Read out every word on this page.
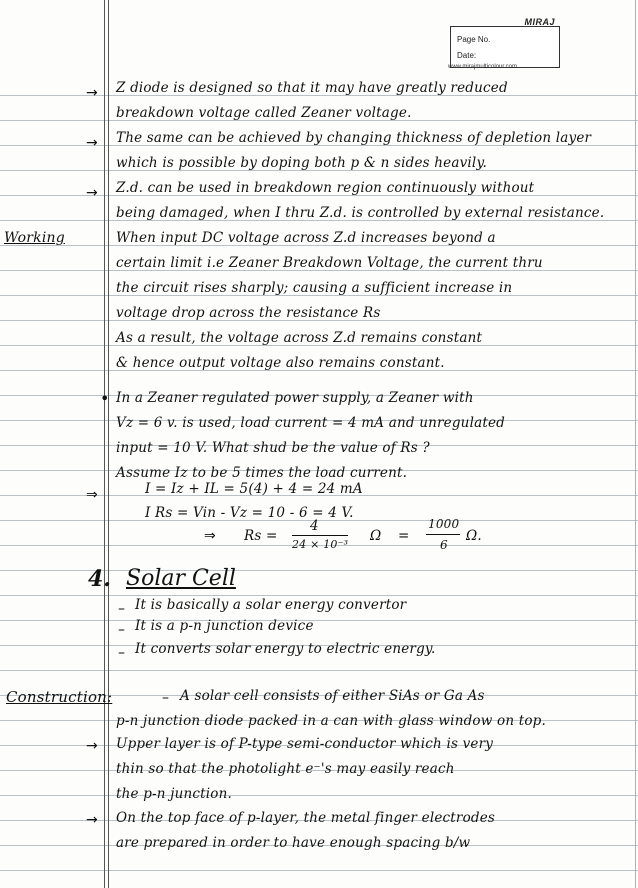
MIRAJ
Page No.
Date:
www.mirajmulticolour.com
→ Z diode is designed so that it may have greatly reduced
breakdown voltage called Zeaner voltage.
→ The same can be achieved by changing thickness of depletion layer
which is possible by doping both p & n sides heavily.
→ Z.d. can be used in breakdown region continuously without
being damaged, when I thru Z.d. is controlled by external resistance.
Working	When input DC voltage across Z.d increases beyond a
certain limit i.e Zeaner Breakdown Voltage, the current thru
the circuit rises sharply; causing a sufficient increase in
voltage drop across the resistance Rs
As a result, the voltage across Z.d remains constant
& hence output voltage also remains constant.
• In a Zeaner regulated power supply, a Zeaner with
Vz = 6 v. is used, load current = 4 mA and unregulated
input = 10 V. What shud be the value of Rs ?
Assume Iz to be 5 times the load current.
⇒	I = Iz + IL = 5(4) + 4 = 24 mA
I Rs = Vin - Vz = 10 - 6 = 4 V.
⇒ Rs =
4
24 × 10⁻³
Ω =
1000
6
Ω.
4. Solar Cell
– It is basically a solar energy convertor
– It is a p-n junction device
– It converts solar energy to electric energy.
Construction:	– A solar cell consists of either SiAs or Ga As
p-n junction diode packed in a can with glass window on top.
→ Upper layer is of P-type semi-conductor which is very
thin so that the photolight e⁻'s may easily reach
the p-n junction.
→ On the top face of p-layer, the metal finger electrodes
are prepared in order to have enough spacing b/w
